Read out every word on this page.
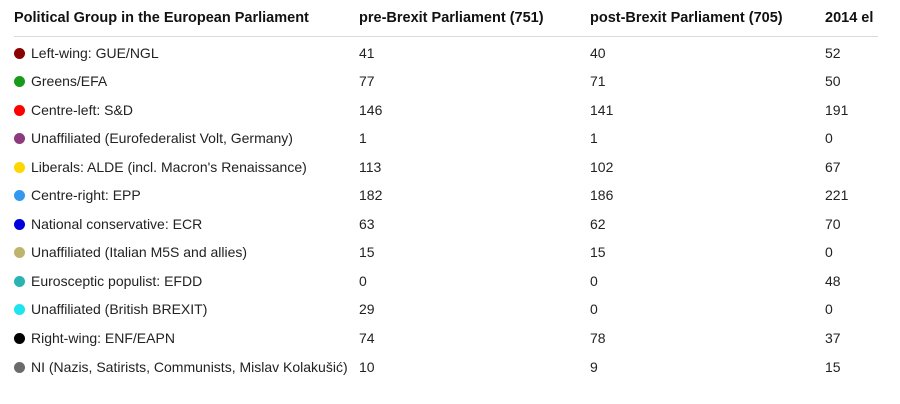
Political Group in the European Parliament	pre-Brexit Parliament (751)	post-Brexit Parliament (705)	2014 el

Left-wing: GUE/NGL	41	40	52

Greens/EFA	77	71	50

Centre-left: S&D	146	141	191

Unaffiliated (Eurofederalist Volt, Germany)	1	1	0

Liberals: ALDE (incl. Macron's Renaissance)	113	102	67

Centre-right: EPP	182	186	221

National conservative: ECR	63	62	70

Unaffiliated (Italian M5S and allies)	15	15	0

Eurosceptic populist: EFDD	0	0	48

Unaffiliated (British BREXIT)	29	0	0

Right-wing: ENF/EAPN	74	78	37

NI (Nazis, Satirists, Communists, Mislav Kolakušić)	10	9	15
